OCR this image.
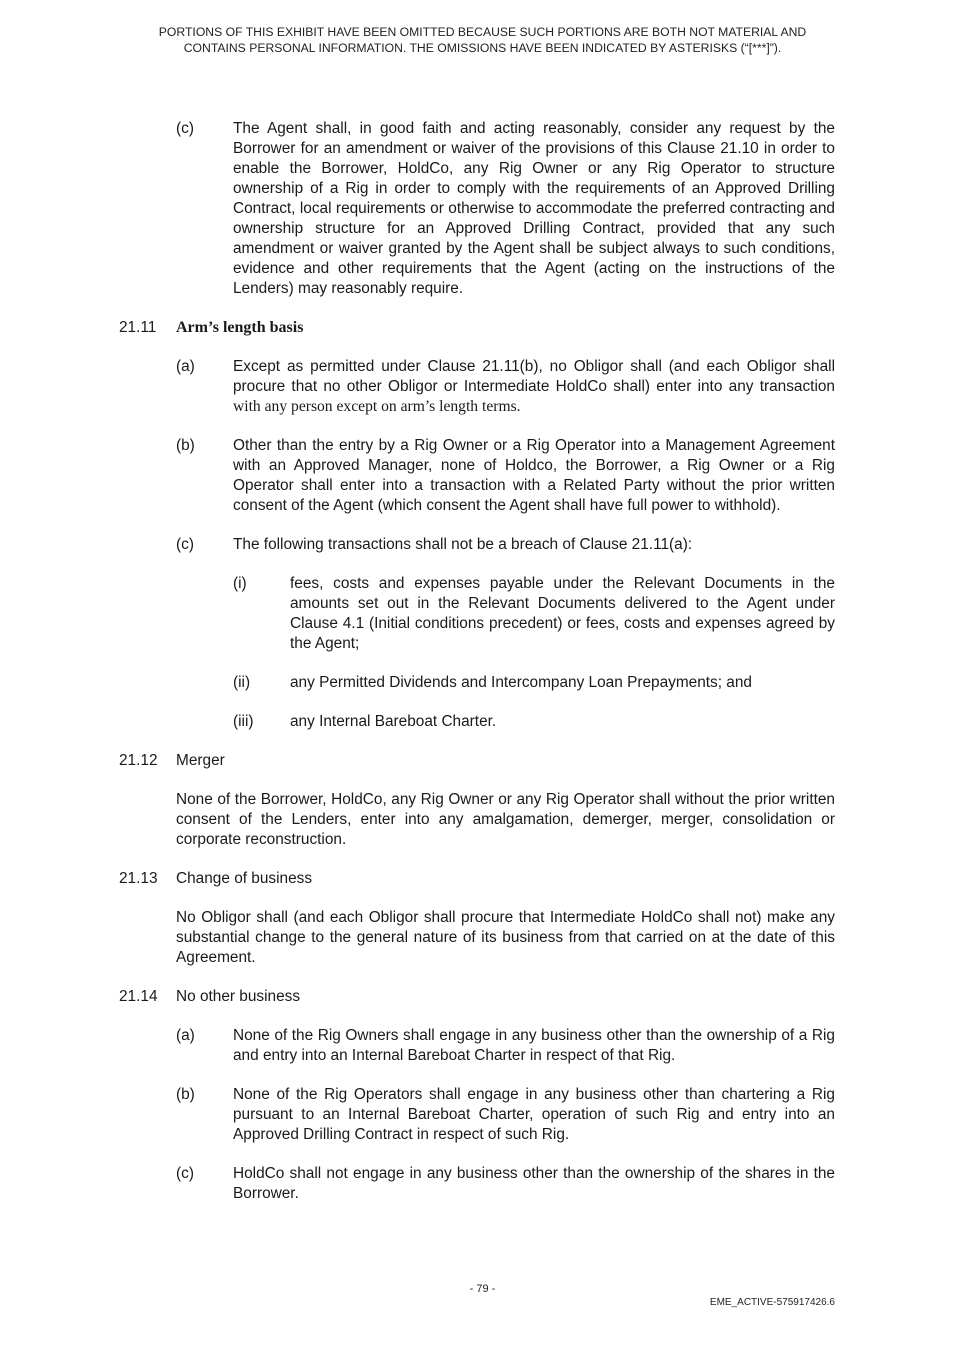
PORTIONS OF THIS EXHIBIT HAVE BEEN OMITTED BECAUSE SUCH PORTIONS ARE BOTH NOT MATERIAL AND
CONTAINS PERSONAL INFORMATION. THE OMISSIONS HAVE BEEN INDICATED BY ASTERISKS (“[***]”).
(c)	The Agent shall, in good faith and acting reasonably, consider any request by the Borrower for an amendment or waiver of the provisions of this Clause 21.10 in order to enable the Borrower, HoldCo, any Rig Owner or any Rig Operator to structure ownership of a Rig in order to comply with the requirements of an Approved Drilling Contract, local requirements or otherwise to accommodate the preferred contracting and ownership structure for an Approved Drilling Contract, provided that any such amendment or waiver granted by the Agent shall be subject always to such conditions, evidence and other requirements that the Agent (acting on the instructions of the Lenders) may reasonably require.
21.11 Arm’s length basis
(a) Except as permitted under Clause 21.11(b), no Obligor shall (and each Obligor shall procure that no other Obligor or Intermediate HoldCo shall) enter into any transaction with any person except on arm’s length terms.
(b) Other than the entry by a Rig Owner or a Rig Operator into a Management Agreement with an Approved Manager, none of Holdco, the Borrower, a Rig Owner or a Rig Operator shall enter into a transaction with a Related Party without the prior written consent of the Agent (which consent the Agent shall have full power to withhold).
(c)	The following transactions shall not be a breach of Clause 21.11(a):
(i)	fees, costs and expenses payable under the Relevant Documents in the amounts set out in the Relevant Documents delivered to the Agent under Clause 4.1 (Initial conditions precedent) or fees, costs and expenses agreed by the Agent;
(ii)	any Permitted Dividends and Intercompany Loan Prepayments; and
(iii) any Internal Bareboat Charter.
21.12 Merger
None of the Borrower, HoldCo, any Rig Owner or any Rig Operator shall without the prior written consent of the Lenders, enter into any amalgamation, demerger, merger, consolidation or corporate reconstruction.
21.13 Change of business
No Obligor shall (and each Obligor shall procure that Intermediate HoldCo shall not) make any substantial change to the general nature of its business from that carried on at the date of this Agreement.
21.14 No other business
(a) None of the Rig Owners shall engage in any business other than the ownership of a Rig and entry into an Internal Bareboat Charter in respect of that Rig.
(b) None of the Rig Operators shall engage in any business other than chartering a Rig pursuant to an Internal Bareboat Charter, operation of such Rig and entry into an Approved Drilling Contract in respect of such Rig.
(c)	HoldCo shall not engage in any business other than the ownership of the shares in the Borrower.
- 79 -
EME_ACTIVE-575917426.6
